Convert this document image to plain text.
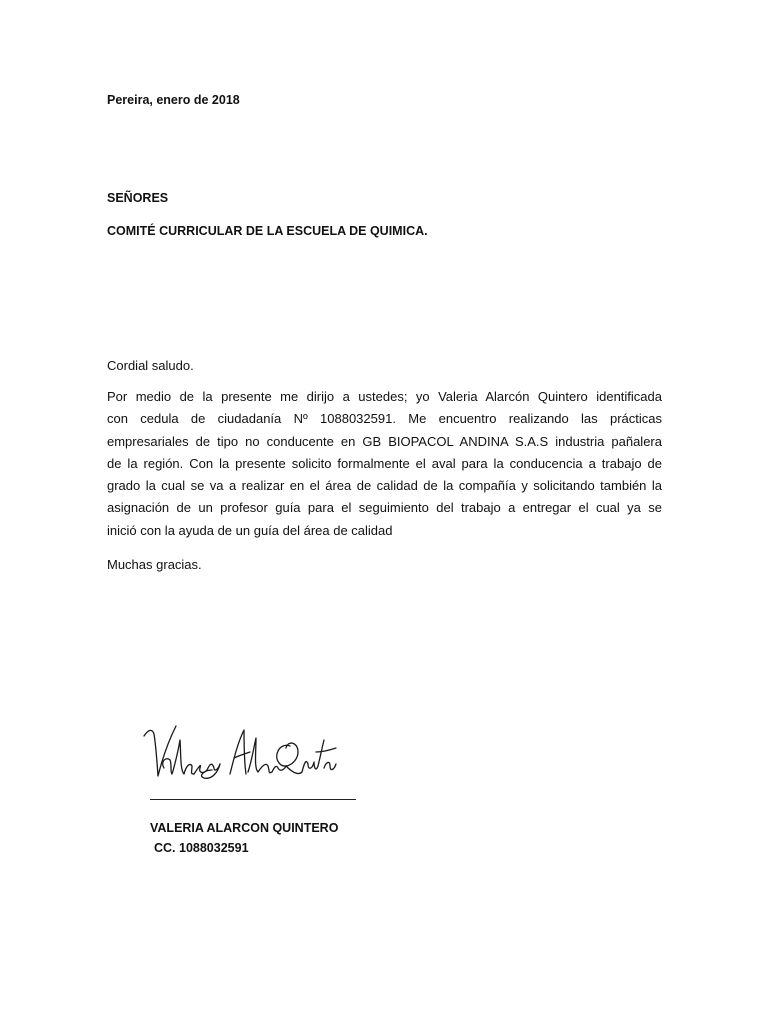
Pereira, enero de 2018
SEÑORES
COMITÉ CURRICULAR DE LA ESCUELA DE QUIMICA.
Cordial saludo.
Por medio de la presente me dirijo a ustedes; yo Valeria Alarcón Quintero identificada
con cedula de ciudadanía Nº 1088032591. Me encuentro realizando las prácticas
empresariales de tipo no conducente en GB BIOPACOL ANDINA S.A.S industria pañalera
de la región. Con la presente solicito formalmente el aval para la conducencia a trabajo de
grado la cual se va a realizar en el área de calidad de la compañía y solicitando también la
asignación de un profesor guía para el seguimiento del trabajo a entregar el cual ya se
inició con la ayuda de un guía del área de calidad
Muchas gracias.
VALERIA ALARCON QUINTERO
CC. 1088032591
